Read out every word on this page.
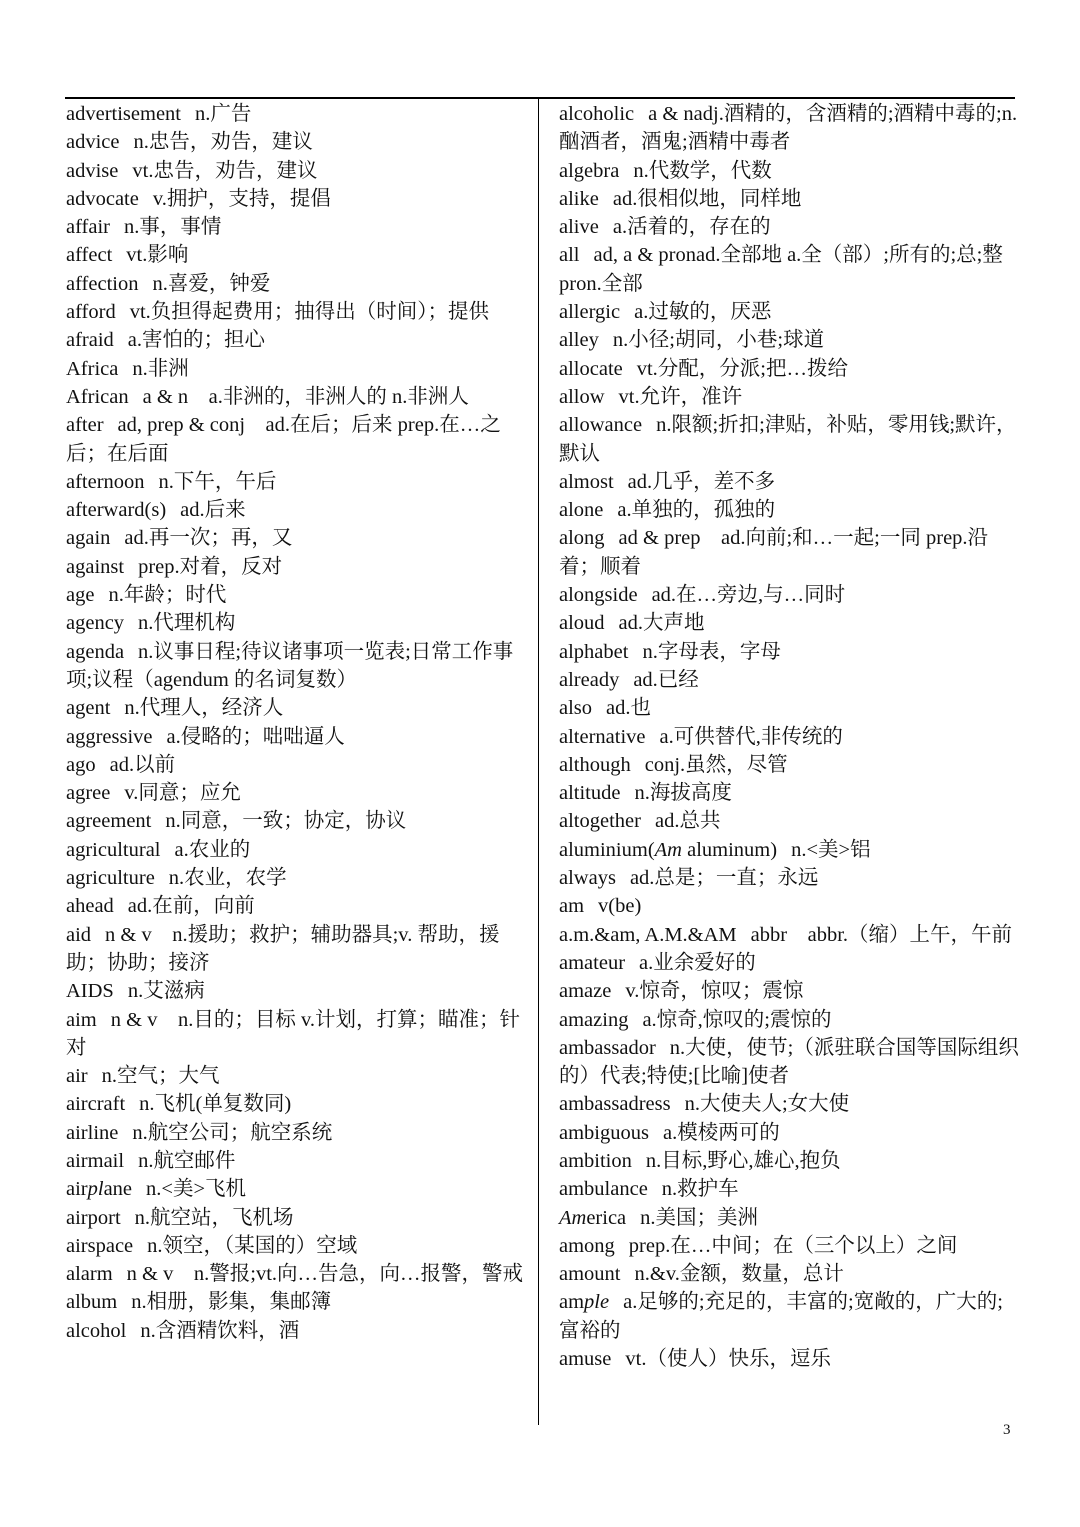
advertisement n.广告
advice n.忠告，劝告，建议
advise vt.忠告，劝告，建议
advocate v.拥护，支持，提倡
affair n.事，事情
affect vt.影响
affection n.喜爱，钟爱
afford vt.负担得起费用；抽得出（时间）；提供
afraid a.害怕的；担心
Africa n.非洲
African a & n　a.非洲的，非洲人的 n.非洲人
after ad, prep & conj　ad.在后；后来 prep.在…之后；在后面
afternoon n.下午，午后
afterward(s) ad.后来
again ad.再一次；再，又
against prep.对着，反对
age n.年龄；时代
agency n.代理机构
agenda n.议事日程;待议诸事项一览表;日常工作事项;议程（agendum 的名词复数）
agent n.代理人，经济人
aggressive a.侵略的；咄咄逼人
ago ad.以前
agree v.同意；应允
agreement n.同意，一致；协定，协议
agricultural a.农业的
agriculture n.农业，农学
ahead ad.在前，向前
aid n & v　n.援助；救护；辅助器具;v. 帮助，援助；协助；接济
AIDS n.艾滋病
aim n & v　n.目的；目标 v.计划，打算；瞄准；针对
air n.空气；大气
aircraft n.飞机(单复数同)
airline n.航空公司；航空系统
airmail n.航空邮件
airplane n.<美>飞机
airport n.航空站，飞机场
airspace n.领空，（某国的）空域
alarm n & v　n.警报;vt.向…告急，向…报警，警戒
album n.相册，影集，集邮簿
alcohol n.含酒精饮料，酒
alcoholic a & nadj.酒精的，含酒精的;酒精中毒的;n.酗酒者，酒鬼;酒精中毒者
algebra n.代数学，代数
alike ad.很相似地，同样地
alive a.活着的，存在的
all ad, a & pronad.全部地 a.全（部）;所有的;总;整 pron.全部
allergic a.过敏的，厌恶
alley n.小径;胡同，小巷;球道
allocate vt.分配，分派;把…拨给
allow vt.允许，准许
allowance n.限额;折扣;津贴，补贴，零用钱;默许，默认
almost ad.几乎，差不多
alone a.单独的，孤独的
along ad & prep　ad.向前;和…一起;一同 prep.沿着；顺着
alongside ad.在…旁边,与…同时
aloud ad.大声地
alphabet n.字母表，字母
already ad.已经
also ad.也
alternative a.可供替代,非传统的
although conj.虽然，尽管
altitude n.海拔高度
altogether ad.总共
aluminium(Am aluminum) n.<美>铝
always ad.总是；一直；永远
am v(be)
a.m.&am, A.M.&AM abbr　abbr.（缩）上午，午前
amateur a.业余爱好的
amaze v.惊奇，惊叹；震惊
amazing a.惊奇,惊叹的;震惊的
ambassador n.大使，使节;（派驻联合国等国际组织的）代表;特使;[比喻]使者
ambassadress n.大使夫人;女大使
ambiguous a.模棱两可的
ambition n.目标,野心,雄心,抱负
ambulance n.救护车
America n.美国；美洲
among prep.在…中间；在（三个以上）之间
amount n.&v.金额，数量，总计
ample a.足够的;充足的，丰富的;宽敞的，广大的;富裕的
amuse vt.（使人）快乐，逗乐
3
